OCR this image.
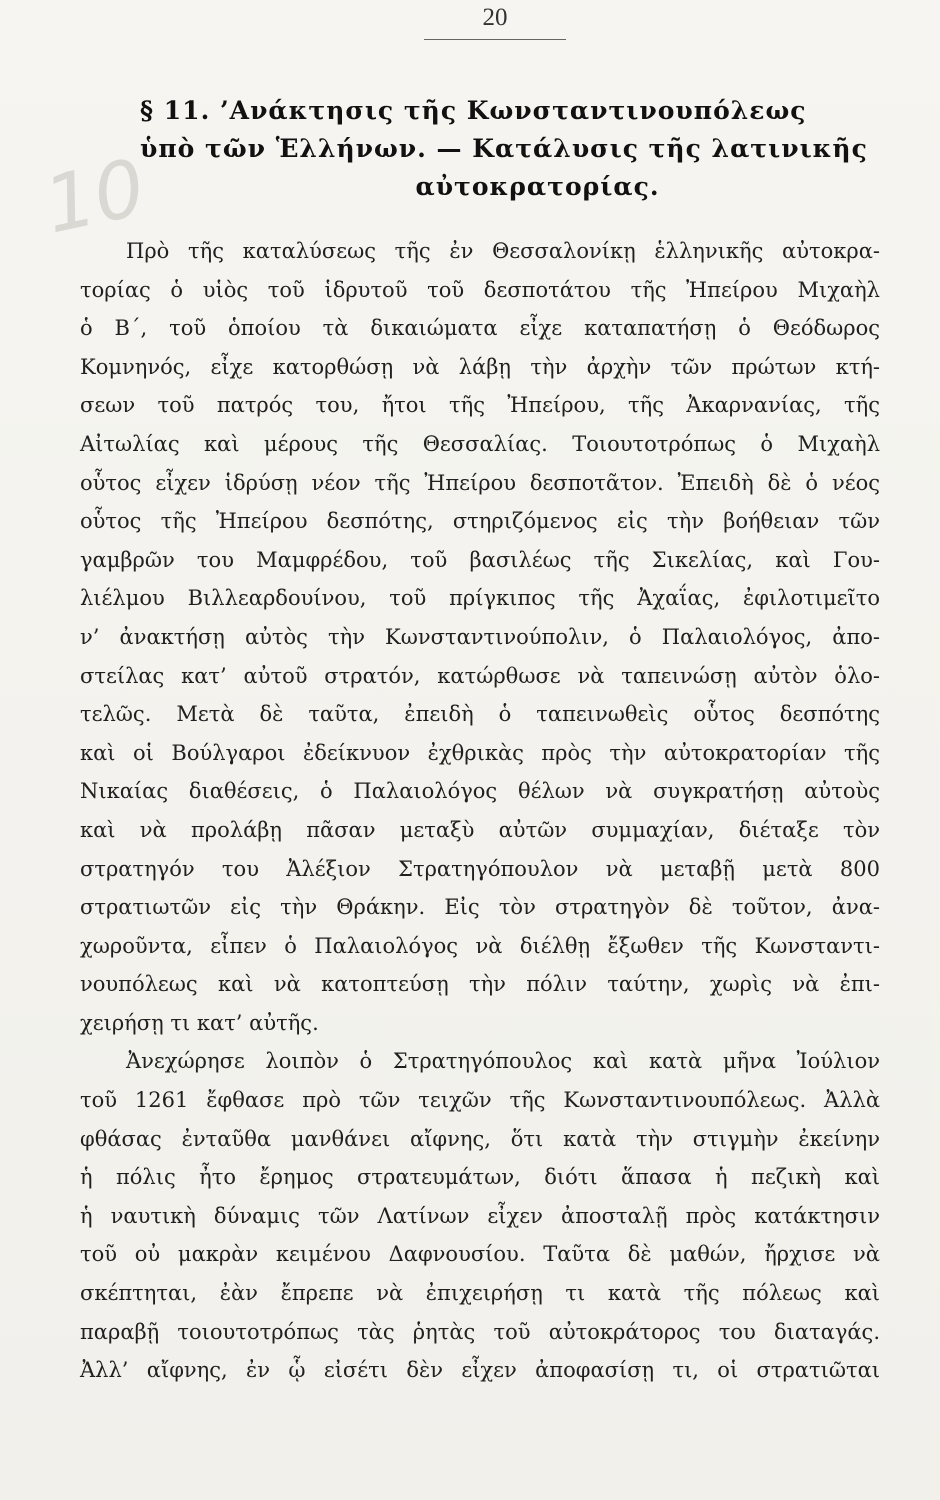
20
10
§ 11. ’Ανάκτησις τῆς Κωνσταντινουπόλεως
ὑπὸ τῶν Ἑλλήνων. — Κατάλυσις τῆς λατινικῆς
αὐτοκρατορίας.
Πρὸ τῆς καταλύσεως τῆς ἐν Θεσσαλονίκῃ ἑλληνικῆς αὐτοκρα-
τορίας ὁ υἱὸς τοῦ ἱδρυτοῦ τοῦ δεσποτάτου τῆς Ἠπείρου Μιχαὴλ
ὁ Β΄, τοῦ ὁποίου τὰ δικαιώματα εἶχε καταπατήσῃ ὁ Θεόδωρος
Κομνηνός, εἶχε κατορθώσῃ νὰ λάβῃ τὴν ἀρχὴν τῶν πρώτων κτή-
σεων τοῦ πατρός του, ἤτοι τῆς Ἠπείρου, τῆς Ἀκαρνανίας, τῆς
Αἰτωλίας καὶ μέρους τῆς Θεσσαλίας. Τοιουτοτρόπως ὁ Μιχαὴλ
οὗτος εἶχεν ἱδρύσῃ νέον τῆς Ἠπείρου δεσποτᾶτον. Ἐπειδὴ δὲ ὁ νέος
οὗτος τῆς Ἠπείρου δεσπότης, στηριζόμενος εἰς τὴν βοήθειαν τῶν
γαμβρῶν του Μαμφρέδου, τοῦ βασιλέως τῆς Σικελίας, καὶ Γου-
λιέλμου Βιλλεαρδουίνου, τοῦ πρίγκιπος τῆς Ἀχαΐας, ἐφιλοτιμεῖτο
ν’ ἀνακτήσῃ αὐτὸς τὴν Κωνσταντινούπολιν, ὁ Παλαιολόγος, ἀπο-
στείλας κατ’ αὐτοῦ στρατόν, κατώρθωσε νὰ ταπεινώσῃ αὐτὸν ὁλο-
τελῶς. Μετὰ δὲ ταῦτα, ἐπειδὴ ὁ ταπεινωθεὶς οὗτος δεσπότης
καὶ οἱ Βούλγαροι ἐδείκνυον ἐχθρικὰς πρὸς τὴν αὐτοκρατορίαν τῆς
Νικαίας διαθέσεις, ὁ Παλαιολόγος θέλων νὰ συγκρατήσῃ αὐτοὺς
καὶ νὰ προλάβῃ πᾶσαν μεταξὺ αὐτῶν συμμαχίαν, διέταξε τὸν
στρατηγόν του Ἀλέξιον Στρατηγόπουλον νὰ μεταβῇ μετὰ 800
στρατιωτῶν εἰς τὴν Θράκην. Εἰς τὸν στρατηγὸν δὲ τοῦτον, ἀνα-
χωροῦντα, εἶπεν ὁ Παλαιολόγος νὰ διέλθῃ ἔξωθεν τῆς Κωνσταντι-
νουπόλεως καὶ νὰ κατοπτεύσῃ τὴν πόλιν ταύτην, χωρὶς νὰ ἐπι-
χειρήσῃ τι κατ’ αὐτῆς.
Ἀνεχώρησε λοιπὸν ὁ Στρατηγόπουλος καὶ κατὰ μῆνα Ἰούλιον
τοῦ 1261 ἔφθασε πρὸ τῶν τειχῶν τῆς Κωνσταντινουπόλεως. Ἀλλὰ
φθάσας ἐνταῦθα μανθάνει αἴφνης, ὅτι κατὰ τὴν στιγμὴν ἐκείνην
ἡ πόλις ἦτο ἔρημος στρατευμάτων, διότι ἅπασα ἡ πεζικὴ καὶ
ἡ ναυτικὴ δύναμις τῶν Λατίνων εἶχεν ἀποσταλῇ πρὸς κατάκτησιν
τοῦ οὐ μακρὰν κειμένου Δαφνουσίου. Ταῦτα δὲ μαθών, ἤρχισε νὰ
σκέπτηται, ἐὰν ἔπρεπε νὰ ἐπιχειρήσῃ τι κατὰ τῆς πόλεως καὶ
παραβῇ τοιουτοτρόπως τὰς ῥητὰς τοῦ αὐτοκράτορος του διαταγάς.
Ἀλλ’ αἴφνης, ἐν ᾧ εἰσέτι δὲν εἶχεν ἀποφασίσῃ τι, οἱ στρατιῶται
